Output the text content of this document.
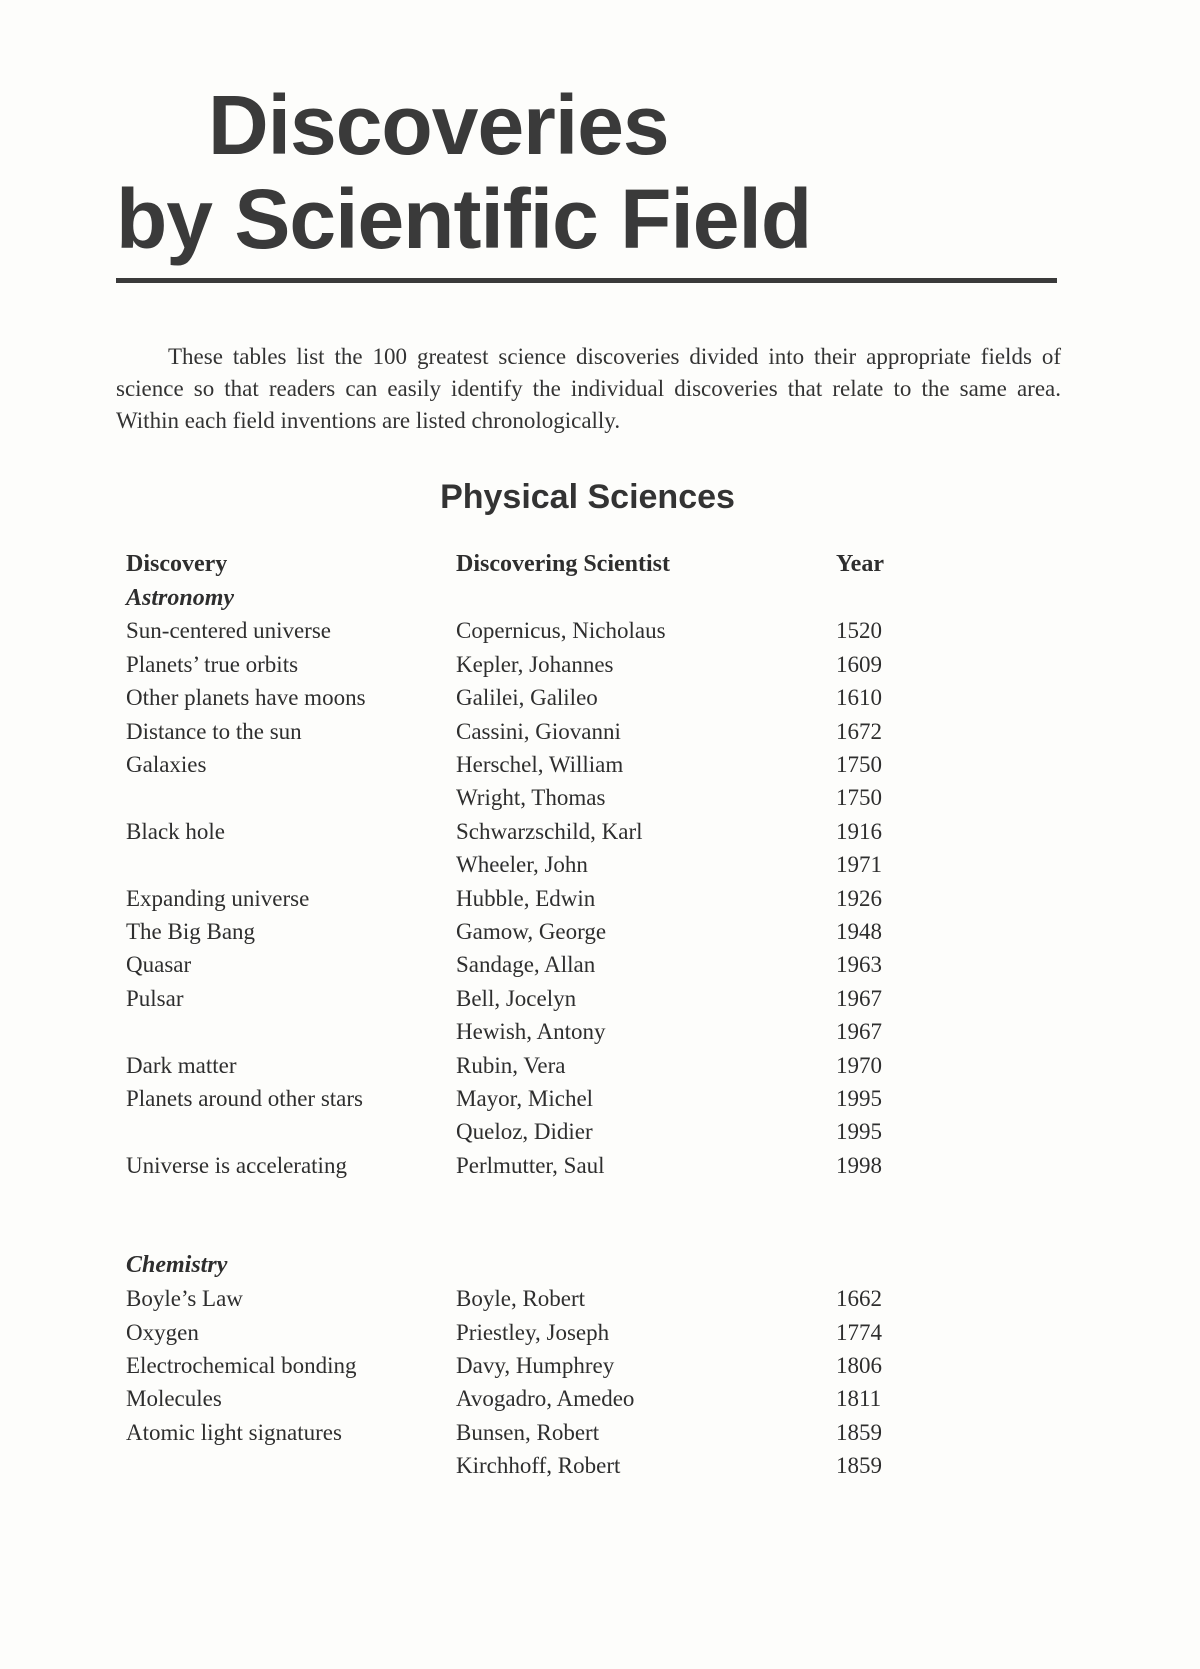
Discoveries
by Scientific Field

These tables list the 100 greatest science discoveries divided into their appropriate fields of science so that readers can easily identify the individual discoveries that relate to the same area. Within each field inventions are listed chronologically.

Physical Sciences
Discovery	Discovering Scientist	Year
Astronomy		
Sun-centered universe	Copernicus, Nicholaus	1520
Planets’ true orbits	Kepler, Johannes	1609
Other planets have moons	Galilei, Galileo	1610
Distance to the sun	Cassini, Giovanni	1672
Galaxies	Herschel, William	1750
	Wright, Thomas	1750
Black hole	Schwarzschild, Karl	1916
	Wheeler, John	1971
Expanding universe	Hubble, Edwin	1926
The Big Bang	Gamow, George	1948
Quasar	Sandage, Allan	1963
Pulsar	Bell, Jocelyn	1967
	Hewish, Antony	1967
Dark matter	Rubin, Vera	1970
Planets around other stars	Mayor, Michel	1995
	Queloz, Didier	1995
Universe is accelerating	Perlmutter, Saul	1998

Chemistry		
Boyle’s Law	Boyle, Robert	1662
Oxygen	Priestley, Joseph	1774
Electrochemical bonding	Davy, Humphrey	1806
Molecules	Avogadro, Amedeo	1811
Atomic light signatures	Bunsen, Robert	1859
	Kirchhoff, Robert	1859
